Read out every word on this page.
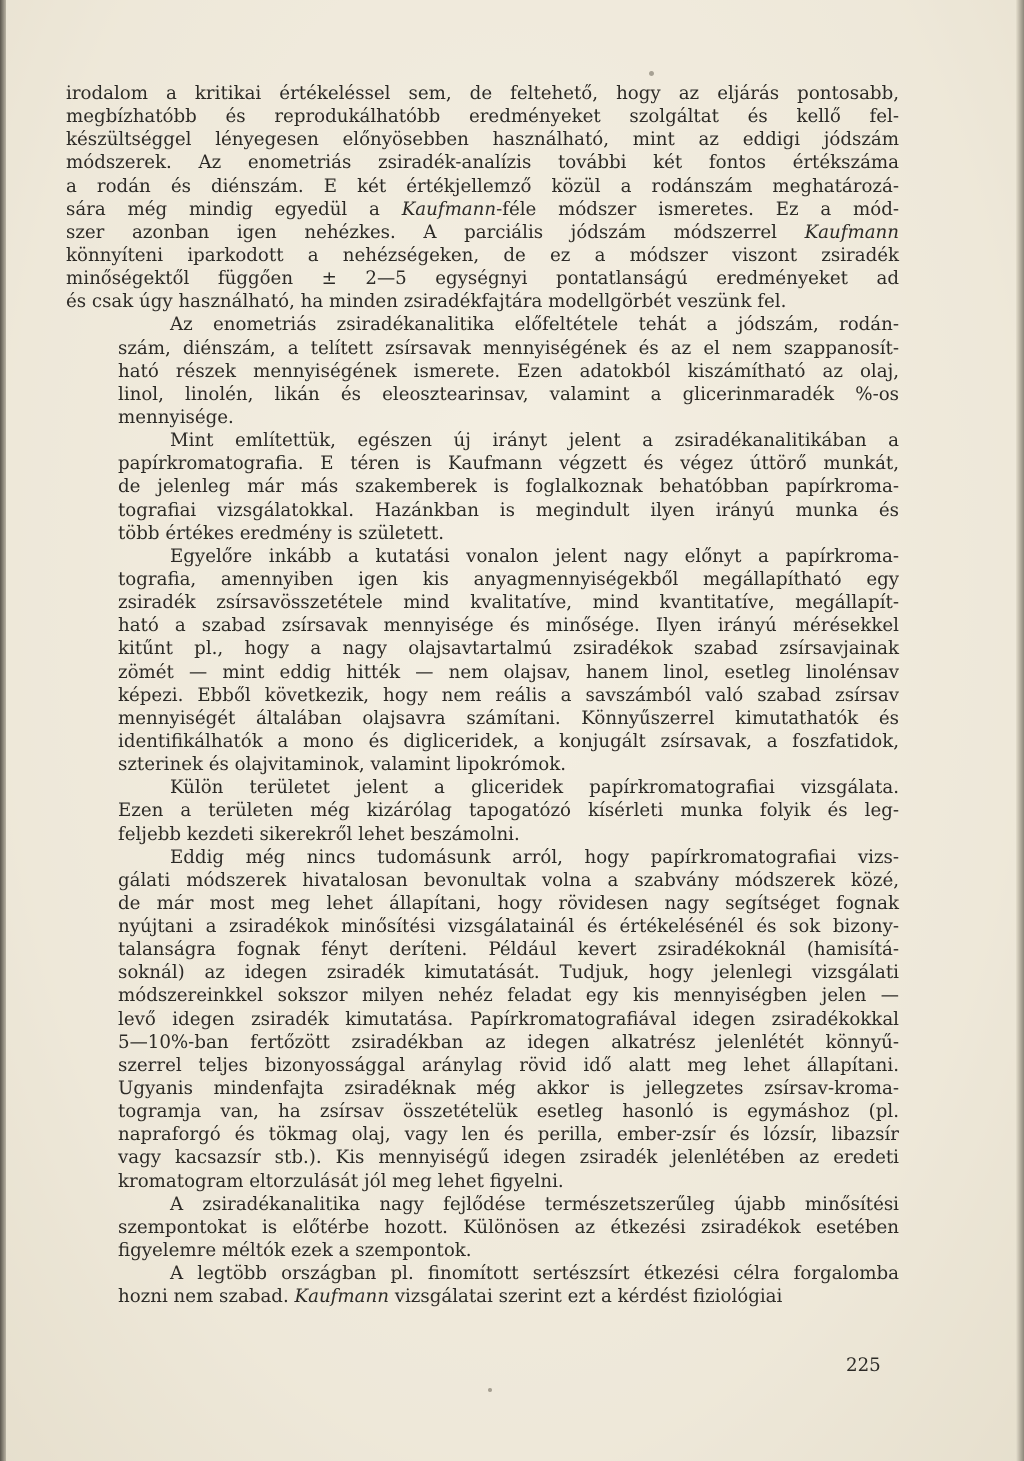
irodalom a kritikai értékeléssel sem, de feltehető, hogy az eljárás pontosabb,
megbízhatóbb és reprodukálhatóbb eredményeket szolgáltat és kellő fel-
készültséggel lényegesen előnyösebben használható, mint az eddigi jódszám
módszerek. Az enometriás zsiradék-analízis további két fontos értékszáma
a rodán és diénszám. E két értékjellemző közül a rodánszám meghatározá-
sára még mindig egyedül a Kaufmann-féle módszer ismeretes. Ez a mód-
szer azonban igen nehézkes. A parciális jódszám módszerrel Kaufmann
könnyíteni iparkodott a nehézségeken, de ez a módszer viszont zsiradék
minőségektől függően ± 2—5 egységnyi pontatlanságú eredményeket ad
és csak úgy használható, ha minden zsiradékfajtára modellgörbét veszünk fel.
Az enometriás zsiradékanalitika előfeltétele tehát a jódszám, rodán-
szám, diénszám, a telített zsírsavak mennyiségének és az el nem szappanosít-
ható részek mennyiségének ismerete. Ezen adatokból kiszámítható az olaj,
linol, linolén, likán és eleosztearinsav, valamint a glicerinmaradék %-os
mennyisége.
Mint említettük, egészen új irányt jelent a zsiradékanalitikában a
papírkromatografia. E téren is Kaufmann végzett és végez úttörő munkát,
de jelenleg már más szakemberek is foglalkoznak behatóbban papírkroma-
tografiai vizsgálatokkal. Hazánkban is megindult ilyen irányú munka és
több értékes eredmény is született.
Egyelőre inkább a kutatási vonalon jelent nagy előnyt a papírkroma-
tografia, amennyiben igen kis anyagmennyiségekből megállapítható egy
zsiradék zsírsavösszetétele mind kvalitatíve, mind kvantitatíve, megállapít-
ható a szabad zsírsavak mennyisége és minősége. Ilyen irányú mérésekkel
kitűnt pl., hogy a nagy olajsavtartalmú zsiradékok szabad zsírsavjainak
zömét — mint eddig hitték — nem olajsav, hanem linol, esetleg linolénsav
képezi. Ebből következik, hogy nem reális a savszámból való szabad zsírsav
mennyiségét általában olajsavra számítani. Könnyűszerrel kimutathatók és
identifikálhatók a mono és digliceridek, a konjugált zsírsavak, a foszfatidok,
szterinek és olajvitaminok, valamint lipokrómok.
Külön területet jelent a gliceridek papírkromatografiai vizsgálata.
Ezen a területen még kizárólag tapogatózó kísérleti munka folyik és leg-
feljebb kezdeti sikerekről lehet beszámolni.
Eddig még nincs tudomásunk arról, hogy papírkromatografiai vizs-
gálati módszerek hivatalosan bevonultak volna a szabvány módszerek közé,
de már most meg lehet állapítani, hogy rövidesen nagy segítséget fognak
nyújtani a zsiradékok minősítési vizsgálatainál és értékelésénél és sok bizony-
talanságra fognak fényt deríteni. Például kevert zsiradékoknál (hamisítá-
soknál) az idegen zsiradék kimutatását. Tudjuk, hogy jelenlegi vizsgálati
módszereinkkel sokszor milyen nehéz feladat egy kis mennyiségben jelen —
levő idegen zsiradék kimutatása. Papírkromatografiával idegen zsiradékokkal
5—10%-ban fertőzött zsiradékban az idegen alkatrész jelenlétét könnyű-
szerrel teljes bizonyossággal aránylag rövid idő alatt meg lehet állapítani.
Ugyanis mindenfajta zsiradéknak még akkor is jellegzetes zsírsav-kroma-
togramja van, ha zsírsav összetételük esetleg hasonló is egymáshoz (pl.
napraforgó és tökmag olaj, vagy len és perilla, ember-zsír és lózsír, libazsír
vagy kacsazsír stb.). Kis mennyiségű idegen zsiradék jelenlétében az eredeti
kromatogram eltorzulását jól meg lehet figyelni.
A zsiradékanalitika nagy fejlődése természetszerűleg újabb minősítési
szempontokat is előtérbe hozott. Különösen az étkezési zsiradékok esetében
figyelemre méltók ezek a szempontok.
A legtöbb országban pl. finomított sertészsírt étkezési célra forgalomba
hozni nem szabad. Kaufmann vizsgálatai szerint ezt a kérdést fiziológiai
225
